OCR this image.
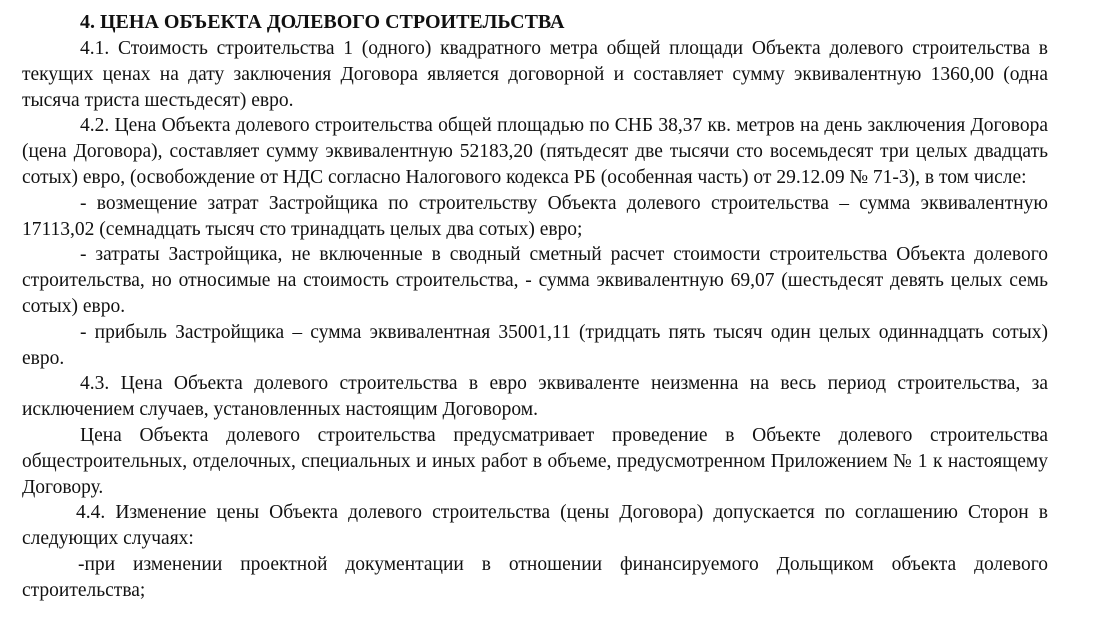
4. ЦЕНА ОБЪЕКТА ДОЛЕВОГО СТРОИТЕЛЬСТВА

4.1. Стоимость строительства 1 (одного) квадратного метра общей площади Объекта долевого строительства в текущих ценах на дату заключения Договора является договорной и составляет сумму эквивалентную 1360,00 (одна тысяча триста шестьдесят) евро.

4.2. Цена Объекта долевого строительства общей площадью по СНБ 38,37 кв. метров на день заключения Договора (цена Договора), составляет сумму эквивалентную 52183,20 (пятьдесят две тысячи сто восемьдесят три целых двадцать сотых) евро, (освобождение от НДС согласно Налогового кодекса РБ (особенная часть) от 29.12.09 № 71-3), в том числе:

- возмещение затрат Застройщика по строительству Объекта долевого строительства – сумма эквивалентную 17113,02 (семнадцать тысяч сто тринадцать целых два сотых) евро;

- затраты Застройщика, не включенные в сводный сметный расчет стоимости строительства Объекта долевого строительства, но относимые на стоимость строительства, - сумма эквивалентную 69,07 (шестьдесят девять целых семь сотых) евро.

- прибыль Застройщика – сумма эквивалентная 35001,11 (тридцать пять тысяч один целых одиннадцать сотых) евро.

4.3. Цена Объекта долевого строительства в евро эквиваленте неизменна на весь период строительства, за исключением случаев, установленных настоящим Договором.

Цена Объекта долевого строительства предусматривает проведение в Объекте долевого строительства общестроительных, отделочных, специальных и иных работ в объеме, предусмотренном Приложением № 1 к настоящему Договору.

4.4. Изменение цены Объекта долевого строительства (цены Договора) допускается по соглашению Сторон в следующих случаях:

-при изменении проектной документации в отношении финансируемого Дольщиком объекта долевого строительства;
